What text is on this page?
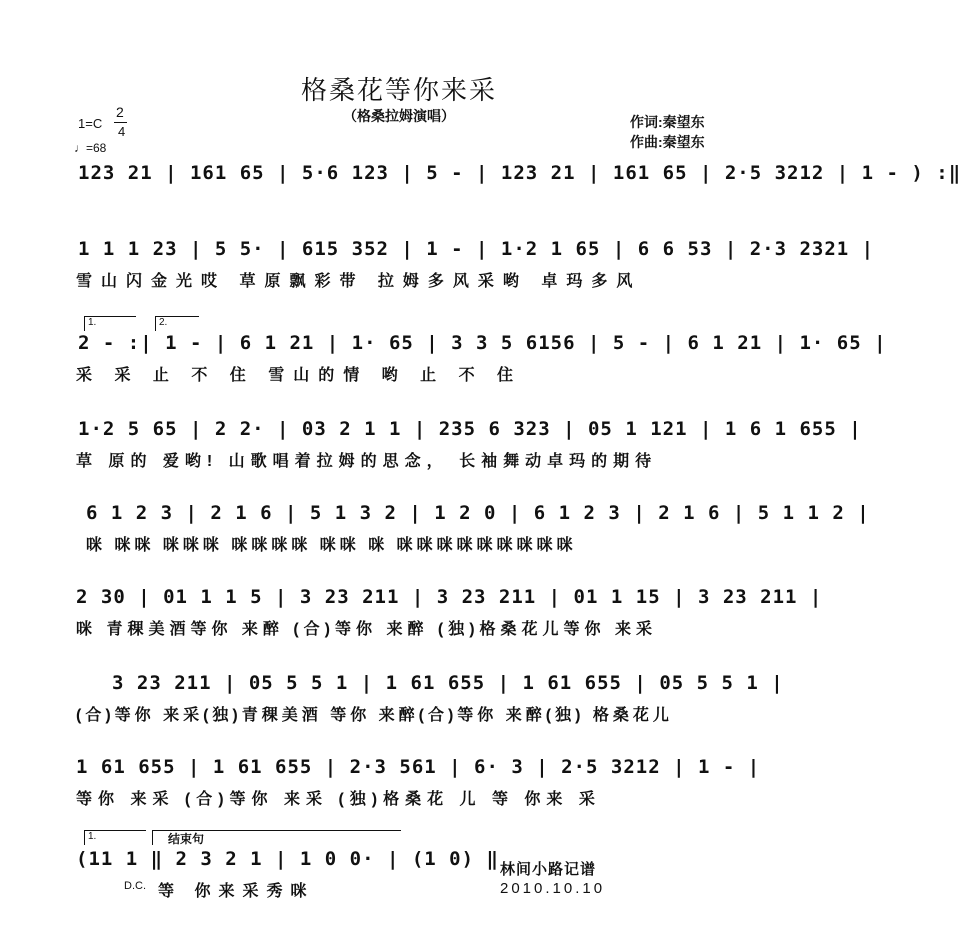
格桑花等你来采
（格桑拉姆演唱）
1=C
2
4
♩=68
作词:秦望东
作曲:秦望东
123 21 | 161 65 | 5·6 123 | 5 - | 123 21 | 161 65 | 2·5 3212 | 1 - ) :‖
1 1 1 23 | 5 5· | 615 352 | 1 - | 1·2 1 65 | 6 6 53 | 2·3 2321 |
雪山闪金光哎 草原飘彩带 拉姆多风采哟 卓玛多风
1.	2.
2 - :| 1 - | 6 1 21 | 1· 65 | 3 3 5 6156 | 5 - | 6 1 21 | 1· 65 |
采 采 止 不 住 雪山的情 哟 止 不 住
1·2 5 65 | 2 2· | 03 2 1 1 | 235 6 323 | 05 1 121 | 1 6 1 655 |
草 原的 爱哟! 山歌唱着拉姆的思念， 长袖舞动卓玛的期待
6 1 2 3 | 2 1 6 | 5 1 3 2 | 1 2 0 | 6 1 2 3 | 2 1 6 | 5 1 1 2 |
咪 咪咪 咪咪咪 咪咪咪咪 咪咪 咪 咪咪咪咪咪咪咪咪咪
2 30 | 01 1 1 5 | 3 23 211 | 3 23 211 | 01 1 15 | 3 23 211 |
咪 青稞美酒等你 来醉 (合)等你 来醉 (独)格桑花儿等你 来采
3 23 211 | 05 5 5 1 | 1 61 655 | 1 61 655 | 05 5 5 1 |
(合)等你 来采(独)青稞美酒 等你 来醉(合)等你 来醉(独) 格桑花儿
1 61 655 | 1 61 655 | 2·3 561 | 6· 3 | 2·5 3212 | 1 - |
等你 来采 (合)等你 来采 (独)格桑花 儿 等 你来 采
1.	结束句
(11 1 ‖ 2 3 2 1 | 1 0 0· | (1 0) ‖
等 你来采秀咪
D.C.
林间小路记谱
2010.10.10
